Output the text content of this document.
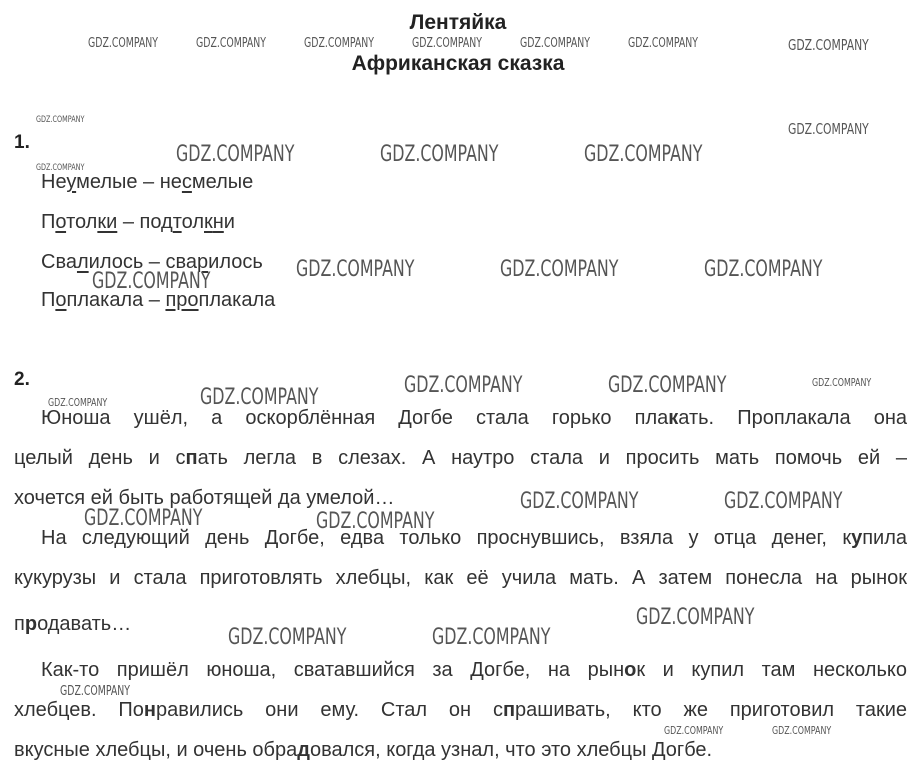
Лентяйка
Африканская сказка
1.
Неумелые – несмелые
Потолки – подтолкни
Свалилось – сварилось
Поплакала – проплакала
2.
Юноша ушёл, а оскорблённая Догбе стала горько плакать. Проплакала она
целый день и спать легла в слезах. А наутро стала и просить мать помочь ей –
хочется ей быть работящей да умелой…
На следующий день Догбе, едва только проснувшись, взяла у отца денег, купила
кукурузы и стала приготовлять хлебцы, как её учила мать. А затем понесла на рынок
продавать…
Как-то пришёл юноша, сватавшийся за Догбе, на рынок и купил там несколько
хлебцев. Понравились они ему. Стал он спрашивать, кто же приготовил такие
вкусные хлебцы, и очень обрадовался, когда узнал, что это хлебцы Догбе.
GDZ.COMPANY	GDZ.COMPANY	GDZ.COMPANY	GDZ.COMPANY	GDZ.COMPANY	GDZ.COMPANY	GDZ.COMPANY
GDZ.COMPANY	GDZ.COMPANY
GDZ.COMPANY
GDZ.COMPANY	GDZ.COMPANY	GDZ.COMPANY
GDZ.COMPANY	GDZ.COMPANY	GDZ.COMPANY
GDZ.COMPANY
GDZ.COMPANY	GDZ.COMPANY	GDZ.COMPANY
GDZ.COMPANY	GDZ.COMPANY
GDZ.COMPANY	GDZ.COMPANY
GDZ.COMPANY	GDZ.COMPANY
GDZ.COMPANY
GDZ.COMPANY	GDZ.COMPANY
GDZ.COMPANY
GDZ.COMPANY	GDZ.COMPANY
